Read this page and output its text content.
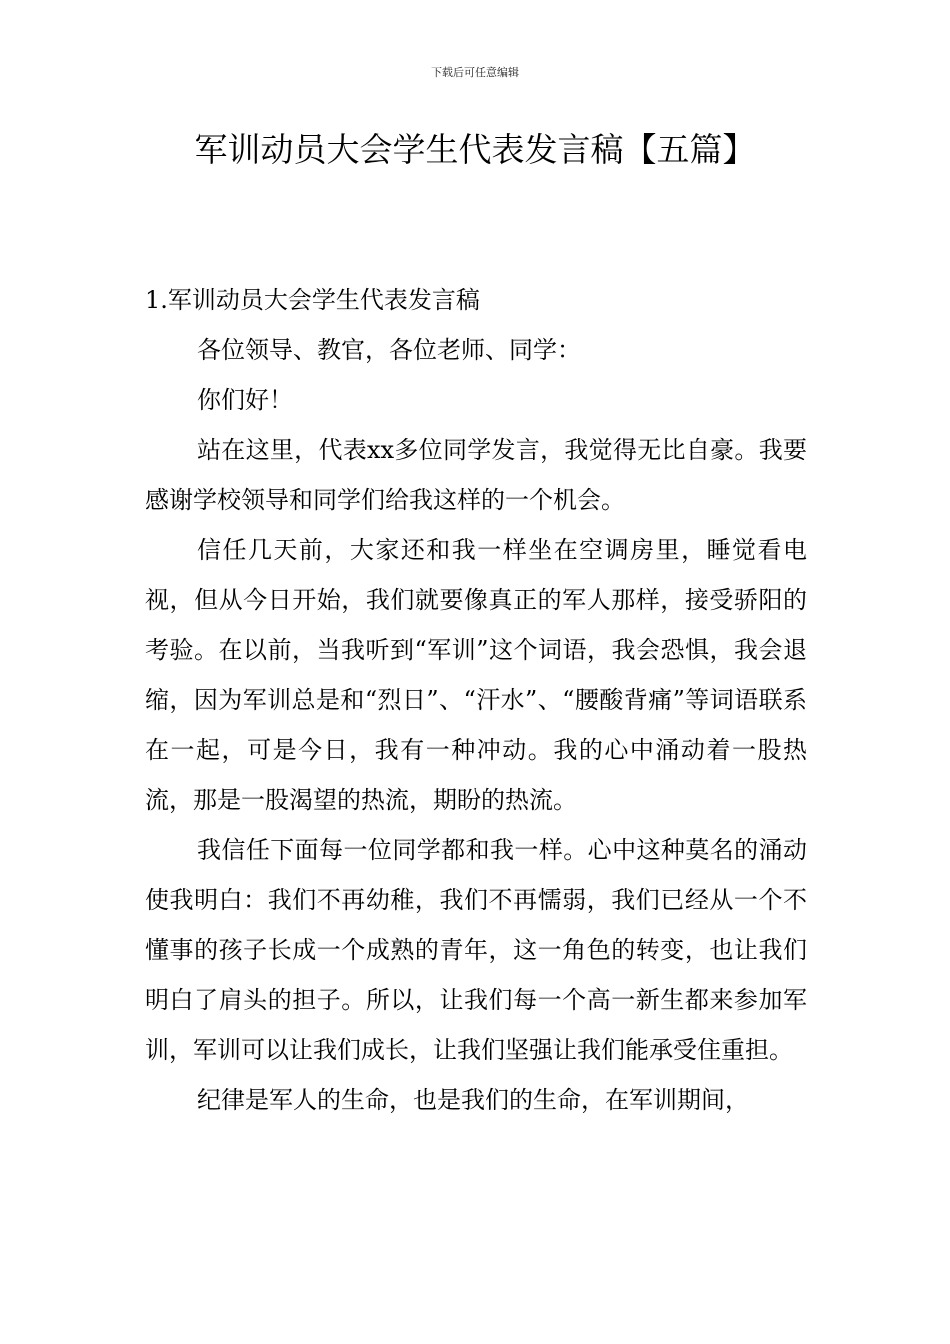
下载后可任意编辑
军训动员大会学生代表发言稿【五篇】

1.军训动员大会学生代表发言稿

各位领导、教官，各位老师、同学：

你们好！

站在这里，代表xx多位同学发言，我觉得无比自豪。我要感谢学校领导和同学们给我这样的一个机会。

信任几天前，大家还和我一样坐在空调房里，睡觉看电视，但从今日开始，我们就要像真正的军人那样，接受骄阳的考验。在以前，当我听到“军训”这个词语，我会恐惧，我会退缩，因为军训总是和“烈日”、“汗水”、“腰酸背痛”等词语联系在一起，可是今日，我有一种冲动。我的心中涌动着一股热流，那是一股渴望的热流，期盼的热流。

我信任下面每一位同学都和我一样。心中这种莫名的涌动使我明白：我们不再幼稚，我们不再懦弱，我们已经从一个不懂事的孩子长成一个成熟的青年，这一角色的转变，也让我们明白了肩头的担子。所以，让我们每一个高一新生都来参加军训，军训可以让我们成长，让我们坚强让我们能承受住重担。

纪律是军人的生命，也是我们的生命，在军训期间，
